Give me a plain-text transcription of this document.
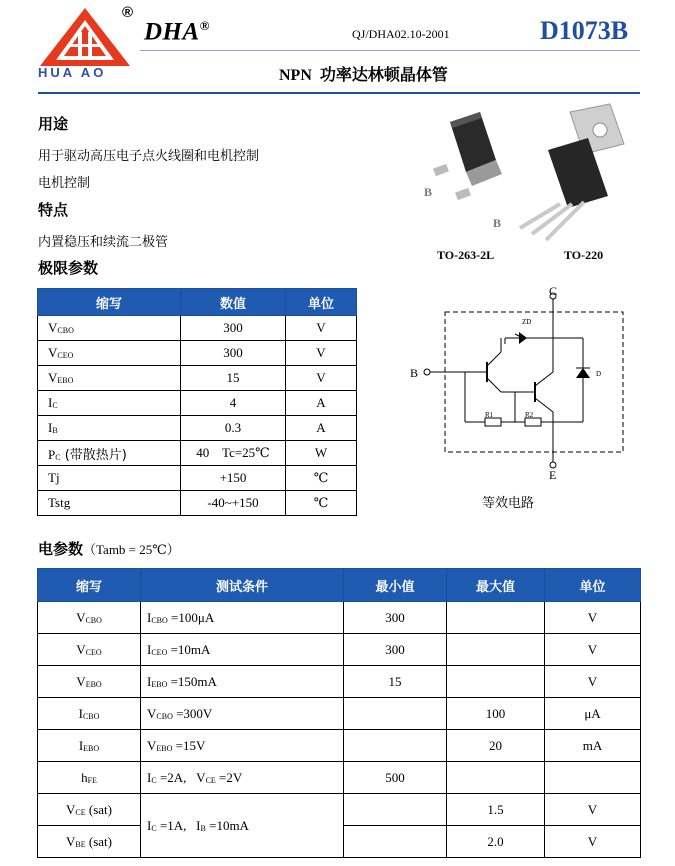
®
DHA®
HUA AO
QJ/DHA02.10-2001	D1073B
NPN 功率达林顿晶体管
用途
用于驱动高压电子点火线圈和电机控制
电机控制
特点
内置稳压和续流二极管
极限参数
B
B
TO-263-2L	TO-220
C
B
E
ZD
D
R1	R2
等效电路
缩写	数值	单位
$V_{CBO}$	300	V
$V_{CEO}$	300	V
$V_{EBO}$	15	V
$I_C$	4	A
$I_B$	0.3	A
$P_C$ (带散热片)	40    Tc=25℃	W
Tj	+150	℃
Tstg	-40~+150	℃
电参数（Tamb = 25℃）
缩写	测试条件	最小值	最大值	单位
$V_{CBO}$	$I_{CBO} =100\mu A$	300		V
$V_{CEO}$	$I_{CEO} =10mA$	300		V
$V_{EBO}$	$I_{EBO} =150mA$	15		V
$I_{CBO}$	$V_{CBO} =300V$		100	μA
$I_{EBO}$	$V_{EBO} =15V$		20	mA
$h_{FE}$	$I_C =2A$, $V_{CE} =2V$	500		
$V_{CE}$ (sat)	$I_C =1A$, $I_B =10mA$		1.5	V
$V_{BE}$ (sat)			2.0	V
